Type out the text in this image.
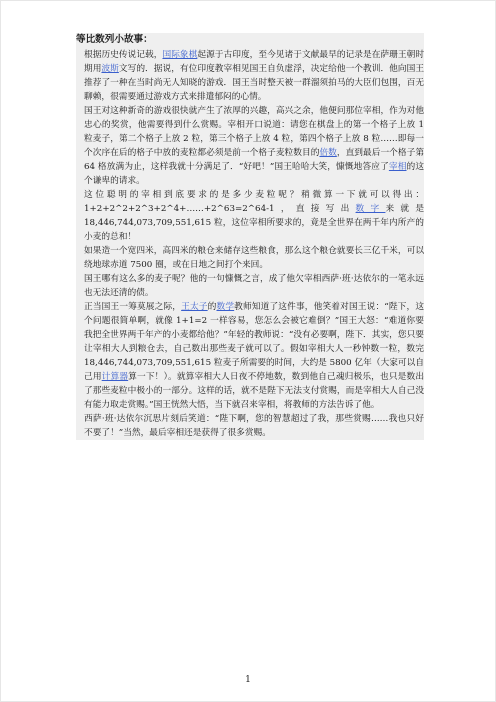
等比数列小故事：

根据历史传说记载，国际象棋起源于古印度，至今见诸于文献最早的记录是在萨珊王朝时期用波斯文写的．据说，有位印度教宰相见国王自负虚浮，决定给他一个教训．他向国王推荐了一种在当时尚无人知晓的游戏．国王当时整天被一群溜须拍马的大臣们包围，百无聊赖，很需要通过游戏方式来排遣郁闷的心情。

国王对这种新奇的游戏很快就产生了浓厚的兴趣，高兴之余，他便问那位宰相，作为对他忠心的奖赏，他需要得到什么赏赐。宰相开口说道：请您在棋盘上的第一个格子上放 1 粒麦子，第二个格子上放 2 粒，第三个格子上放 4 粒，第四个格子上放 8 粒……即每一个次序在后的格子中放的麦粒都必须是前一个格子麦粒数目的倍数，直到最后一个格子第 64 格放满为止，这样我就十分满足了．“好吧！”国王哈哈大笑，慷慨地答应了宰相的这个谦卑的请求。

这位聪明的宰相到底要求的是多少麦粒呢？稍微算一下就可以得出：1+2+2^2+2^3+2^4+……+2^63=2^64-1，直接写出数字来就是 18,446,744,073,709,551,615 粒，这位宰相所要求的，竟是全世界在两千年内所产的小麦的总和！

如果造一个宽四米，高四米的粮仓来储存这些粮食，那么这个粮仓就要长三亿千米，可以绕地球赤道 7500 圈，或在日地之间打个来回。

国王哪有这么多的麦子呢？他的一句慷慨之言，成了他欠宰相西萨·班·达依尔的一笔永远也无法还清的债。

正当国王一筹莫展之际，王太子的数学教师知道了这件事，他笑着对国王说：“陛下，这个问题很简单啊，就像 1+1=2 一样容易，您怎么会被它难倒？”国王大怒：“难道你要我把全世界两千年产的小麦都给他？”年轻的教师说：“没有必要啊，陛下．其实，您只要让宰相大人到粮仓去，自己数出那些麦子就可以了。假如宰相大人一秒钟数一粒，数完 18,446,744,073,709,551,615 粒麦子所需要的时间，大约是 5800 亿年（大家可以自己用计算器算一下！）。就算宰相大人日夜不停地数，数到他自己魂归极乐，也只是数出了那些麦粒中极小的一部分。这样的话，就不是陛下无法支付赏赐，而是宰相大人自己没有能力取走赏赐。”国王恍然大悟，当下就召来宰相，将教师的方法告诉了他。

西萨·班·达依尔沉思片刻后笑道：“陛下啊，您的智慧超过了我，那些赏赐……我也只好不要了！”当然，最后宰相还是获得了很多赏赐。

1
